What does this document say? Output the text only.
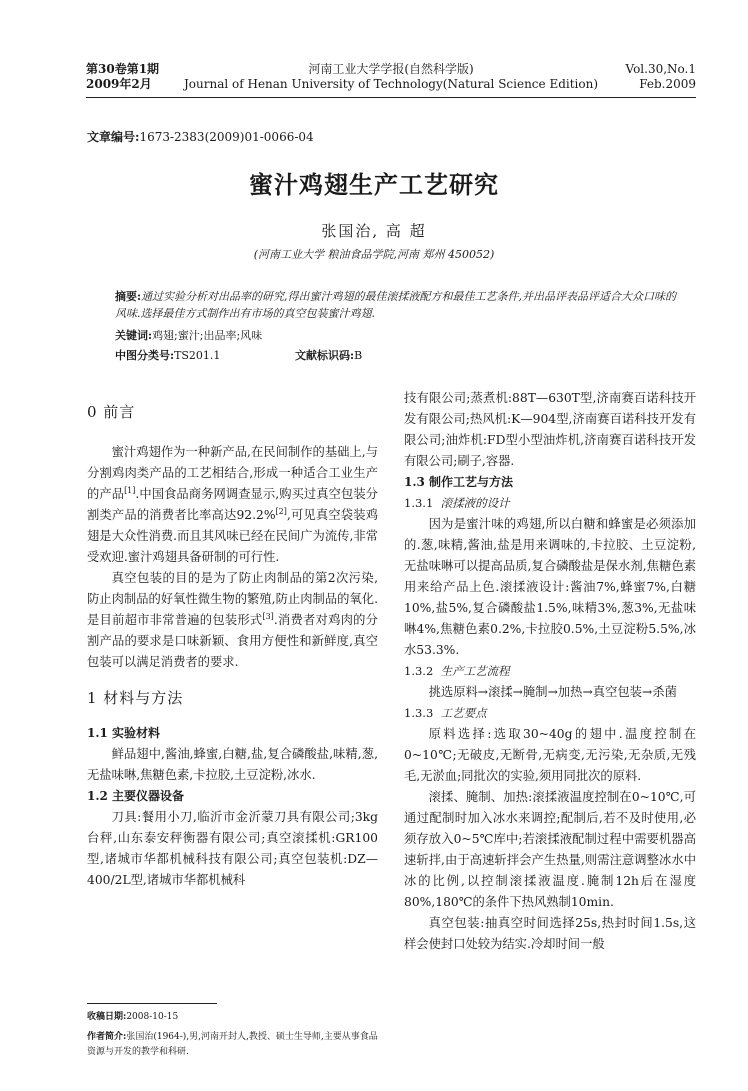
第30卷第1期
2009年2月
河南工业大学学报(自然科学版)
Journal of Henan University of Technology(Natural Science Edition)
Vol.30,No.1
Feb.2009
文章编号:1673-2383(2009)01-0066-04
蜜汁鸡翅生产工艺研究
张国治, 高 超
(河南工业大学 粮油食品学院,河南 郑州 450052)
摘要:通过实验分析对出品率的研究,得出蜜汁鸡翅的最佳滚揉液配方和最佳工艺条件,并出品评表品评适合大众口味的风味.选择最佳方式制作出有市场的真空包装蜜汁鸡翅.
关键词:鸡翅;蜜汁;出品率;风味
中图分类号:TS201.1	文献标识码:B
0 前言

蜜汁鸡翅作为一种新产品,在民间制作的基础上,与分割鸡肉类产品的工艺相结合,形成一种适合工业生产的产品[1].中国食品商务网调查显示,购买过真空包装分割类产品的消费者比率高达92.2%[2],可见真空袋装鸡翅是大众性消费.而且其风味已经在民间广为流传,非常受欢迎.蜜汁鸡翅具备研制的可行性.

真空包装的目的是为了防止肉制品的第2次污染,防止肉制品的好氧性微生物的繁殖,防止肉制品的氧化.是目前超市非常普遍的包装形式[3].消费者对鸡肉的分割产品的要求是口味新颖、食用方便性和新鲜度,真空包装可以满足消费者的要求.

1 材料与方法
1.1 实验材料

鲜品翅中,酱油,蜂蜜,白糖,盐,复合磷酸盐,味精,葱,无盐味啉,焦糖色素,卡拉胶,土豆淀粉,冰水.

1.2 主要仪器设备

刀具:餐用小刀,临沂市金沂蒙刀具有限公司;3kg台秤,山东泰安秤衡器有限公司;真空滚揉机:GR100型,诸城市华都机械科技有限公司;真空包装机:DZ—400/2L型,诸城市华都机械科

技有限公司;蒸煮机:88T—630T型,济南赛百诺科技开发有限公司;热风机:K—904型,济南赛百诺科技开发有限公司;油炸机:FD型小型油炸机,济南赛百诺科技开发有限公司;刷子,容器.

1.3 制作工艺与方法
1.3.1 滚揉液的设计

因为是蜜汁味的鸡翅,所以白糖和蜂蜜是必须添加的.葱,味精,酱油,盐是用来调味的,卡拉胶、土豆淀粉,无盐味啉可以提高品质,复合磷酸盐是保水剂,焦糖色素用来给产品上色.滚揉液设计:酱油7%,蜂蜜7%,白糖10%,盐5%,复合磷酸盐1.5%,味精3%,葱3%,无盐味啉4%,焦糖色素0.2%,卡拉胶0.5%,土豆淀粉5.5%,冰水53.3%.

1.3.2 生产工艺流程

挑选原料→滚揉→腌制→加热→真空包装→杀菌

1.3.3 工艺要点

原料选择:选取30~40g的翅中.温度控制在0~10℃;无破皮,无断骨,无病变,无污染,无杂质,无残毛,无淤血;同批次的实验,须用同批次的原料.

滚揉、腌制、加热:滚揉液温度控制在0~10℃,可通过配制时加入冰水来调控;配制后,若不及时使用,必须存放入0~5℃库中;若滚揉液配制过程中需要机器高速斩拌,由于高速斩拌会产生热量,则需注意调整冰水中冰的比例,以控制滚揉液温度.腌制12h后在湿度80%,180℃的条件下热风熟制10min.

真空包装:抽真空时间选择25s,热封时间1.5s,这样会使封口处较为结实.冷却时间一般

收稿日期:2008-10-15
作者简介:张国治(1964-),男,河南开封人,教授、硕士生导师,主要从事食品资源与开发的教学和科研.
